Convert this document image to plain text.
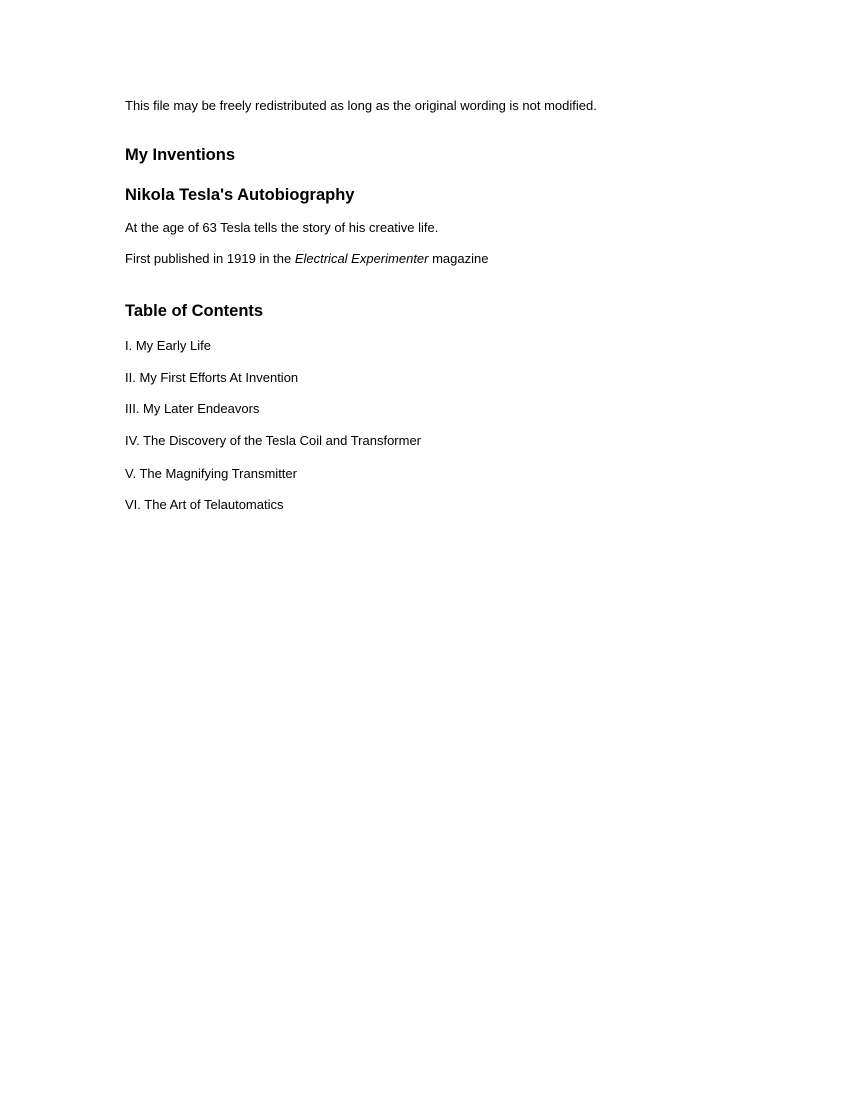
This file may be freely redistributed as long as the original wording is not modified.

My Inventions
Nikola Tesla's Autobiography

At the age of 63 Tesla tells the story of his creative life.

First published in 1919 in the Electrical Experimenter magazine

Table of Contents
I. My Early Life
II. My First Efforts At Invention
III. My Later Endeavors
IV. The Discovery of the Tesla Coil and Transformer
V. The Magnifying Transmitter
VI. The Art of Telautomatics
